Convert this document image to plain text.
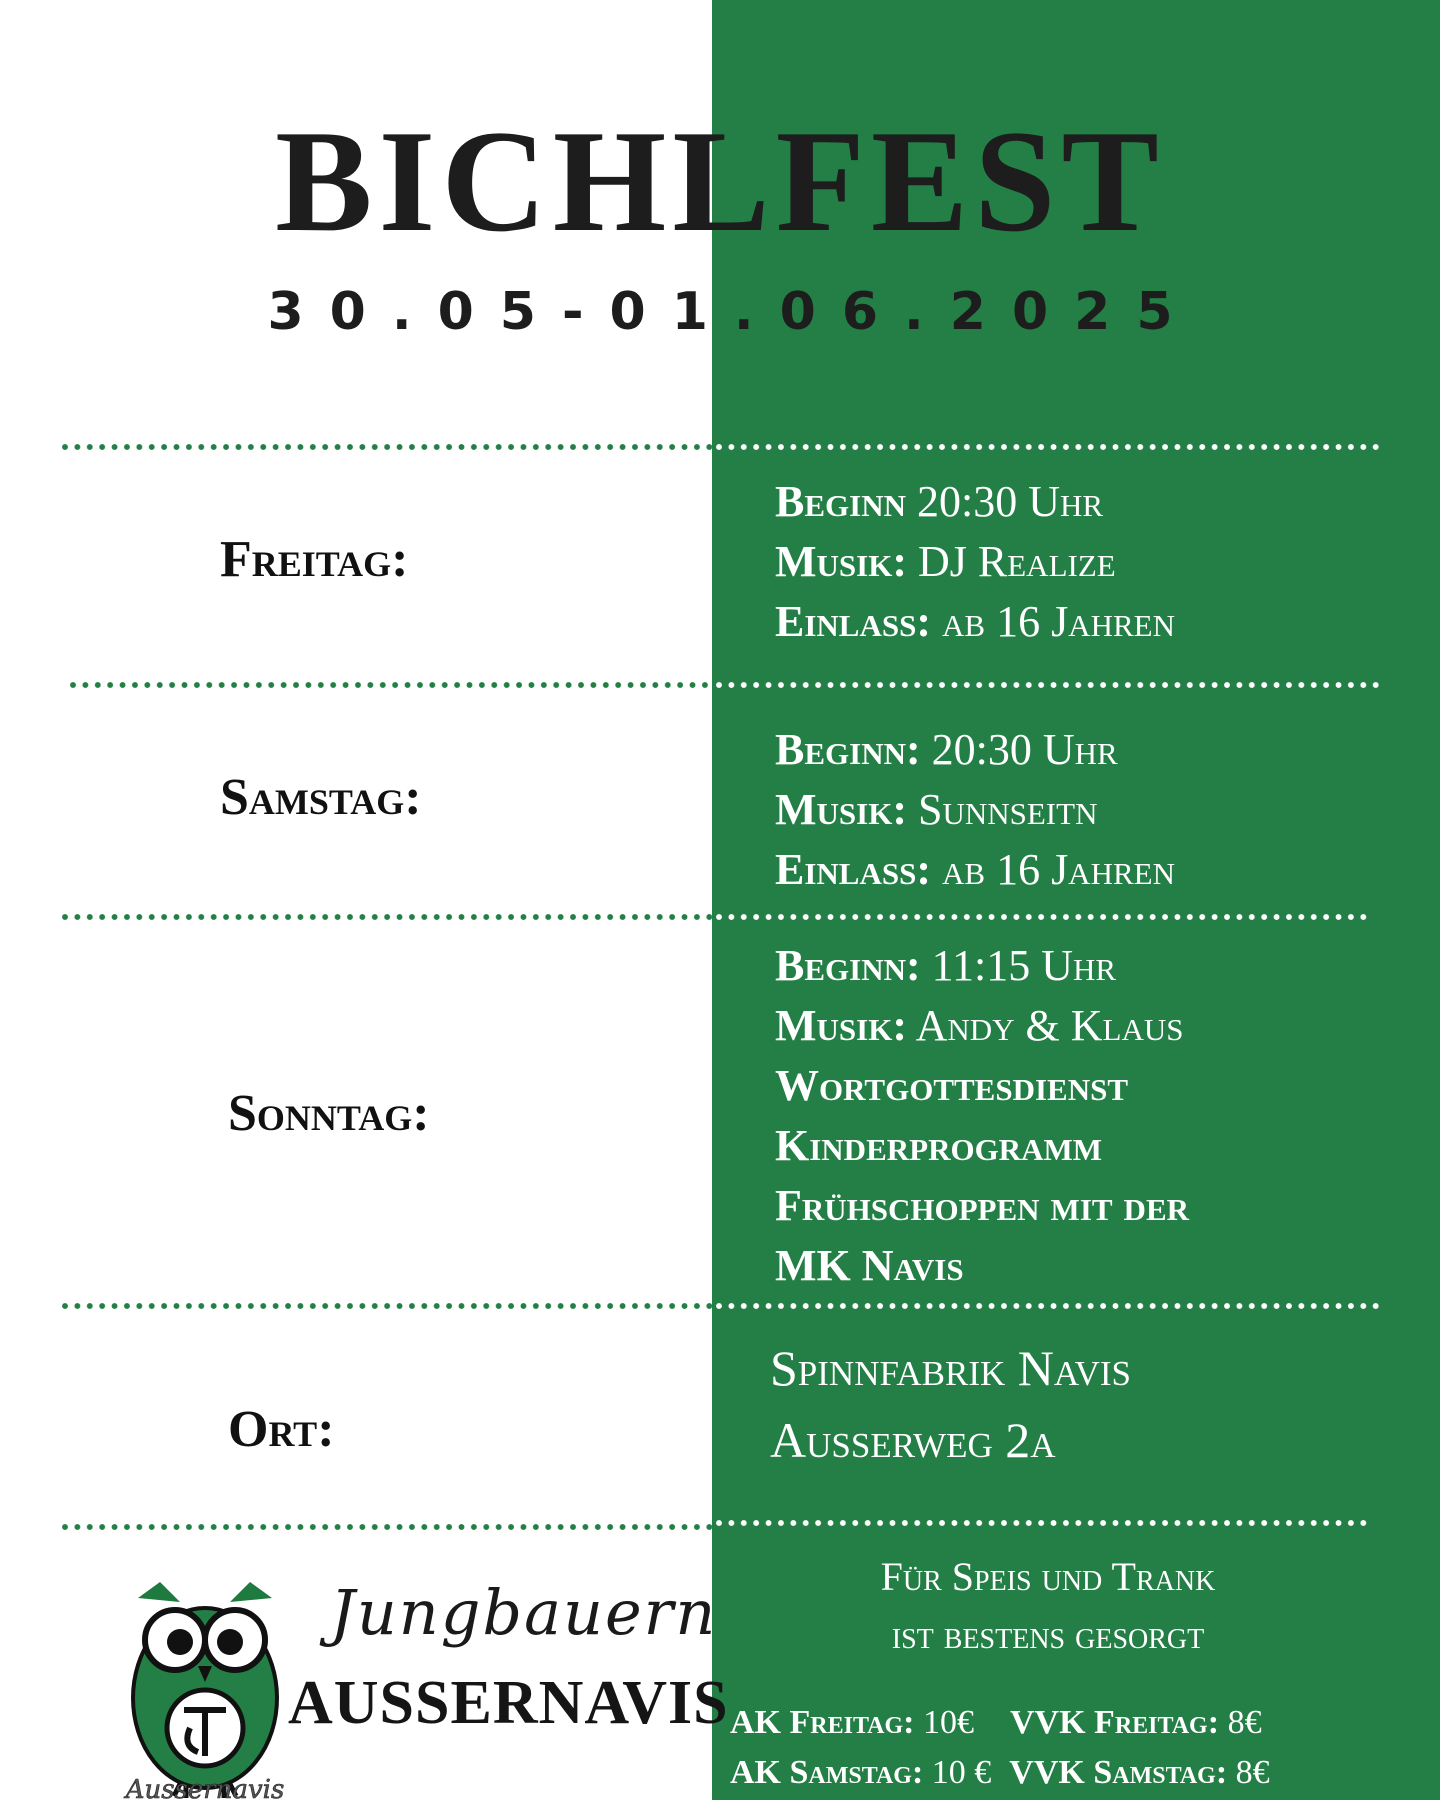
BICHLFEST
30.05-01.06.2025
Freitag:
Beginn 20:30 Uhr
Musik: DJ Realize
Einlass: ab 16 Jahren
Samstag:
Beginn: 20:30 Uhr
Musik: Sunnseitn
Einlass: ab 16 Jahren
Sonntag:
Beginn: 11:15 Uhr
Musik: Andy & Klaus
Wortgottesdienst
Kinderprogramm
Frühschoppen mit der
MK Navis
Ort:
Spinnfabrik Navis
Ausserweg 2a
Für Speis und Trank
ist bestens gesorgt
AK Freitag: 10€ VVK Freitag: 8€
AK Samstag: 10 € VVK Samstag: 8€
Aussernavis
Jungbauern
AUSSERNAVIS
